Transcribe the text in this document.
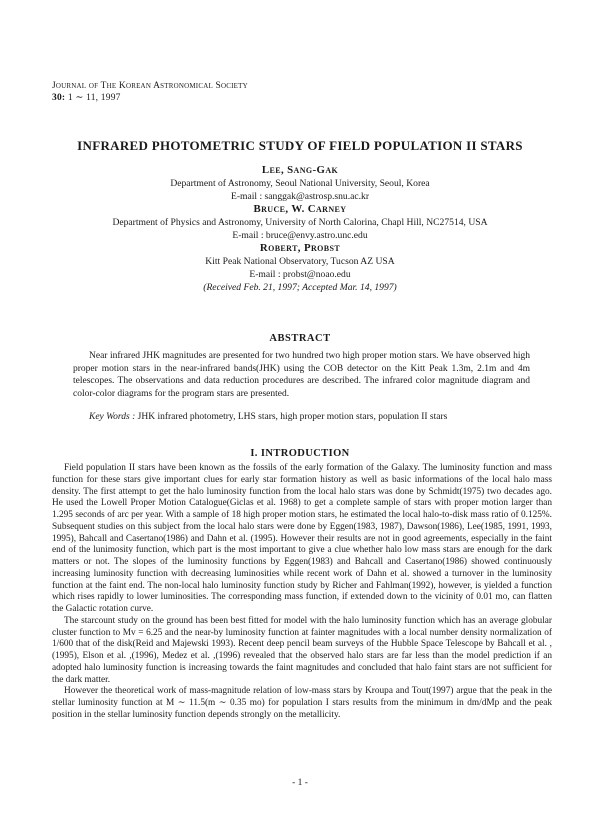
Journal of The Korean Astronomical Society
30: 1 ∼ 11, 1997
INFRARED PHOTOMETRIC STUDY OF FIELD POPULATION II STARS
Lee, Sang-Gak
Department of Astronomy, Seoul National University, Seoul, Korea
E-mail : sanggak@astrosp.snu.ac.kr
Bruce, W. Carney
Department of Physics and Astronomy, University of North Calorina, Chapl Hill, NC27514, USA
E-mail : bruce@envy.astro.unc.edu
Robert, Probst
Kitt Peak National Observatory, Tucson AZ USA
E-mail : probst@noao.edu
(Received Feb. 21, 1997; Accepted Mar. 14, 1997)
ABSTRACT
Near infrared JHK magnitudes are presented for two hundred two high proper motion stars. We have observed high proper motion stars in the near-infrared bands(JHK) using the COB detector on the Kitt Peak 1.3m, 2.1m and 4m telescopes. The observations and data reduction procedures are described. The infrared color magnitude diagram and color-color diagrams for the program stars are presented.
Key Words : JHK infrared photometry, LHS stars, high proper motion stars, population II stars
I. INTRODUCTION

Field population II stars have been known as the fossils of the early formation of the Galaxy. The luminosity function and mass function for these stars give important clues for early star formation history as well as basic informations of the local halo mass density. The first attempt to get the halo luminosity function from the local halo stars was done by Schmidt(1975) two decades ago. He used the Lowell Proper Motion Catalogue(Giclas et al. 1968) to get a complete sample of stars with proper motion larger than 1.295 seconds of arc per year. With a sample of 18 high proper motion stars, he estimated the local halo-to-disk mass ratio of 0.125%. Subsequent studies on this subject from the local halo stars were done by Eggen(1983, 1987), Dawson(1986), Lee(1985, 1991, 1993, 1995), Bahcall and Casertano(1986) and Dahn et al. (1995). However their results are not in good agreements, especially in the faint end of the lunimosity function, which part is the most important to give a clue whether halo low mass stars are enough for the dark matters or not. The slopes of the luminosity functions by Eggen(1983) and Bahcall and Casertano(1986) showed continuously increasing luminosity function with decreasing luminosities while recent work of Dahn et al. showed a turnover in the luminosity function at the faint end. The non-local halo luminosity function study by Richer and Fahlman(1992), however, is yielded a function which rises rapidly to lower luminosities. The corresponding mass function, if extended down to the vicinity of 0.01 mo, can flatten the Galactic rotation curve.

The starcount study on the ground has been best fitted for model with the halo luminosity function which has an average globular cluster function to Mv = 6.25 and the near-by luminosity function at fainter magnitudes with a local number density normalization of 1/600 that of the disk(Reid and Majewski 1993). Recent deep pencil beam surveys of the Hubble Space Telescope by Bahcall et al. ,(1995), Elson et al. ,(1996), Medez et al. ,(1996) revealed that the observed halo stars are far less than the model prediction if an adopted halo luminosity function is increasing towards the faint magnitudes and concluded that halo faint stars are not sufficient for the dark matter.

However the theoretical work of mass-magnitude relation of low-mass stars by Kroupa and Tout(1997) argue that the peak in the stellar luminosity function at M ∼ 11.5(m ∼ 0.35 mo) for population I stars results from the minimum in dm/dMp and the peak position in the stellar luminosity function depends strongly on the metallicity.

- 1 -
